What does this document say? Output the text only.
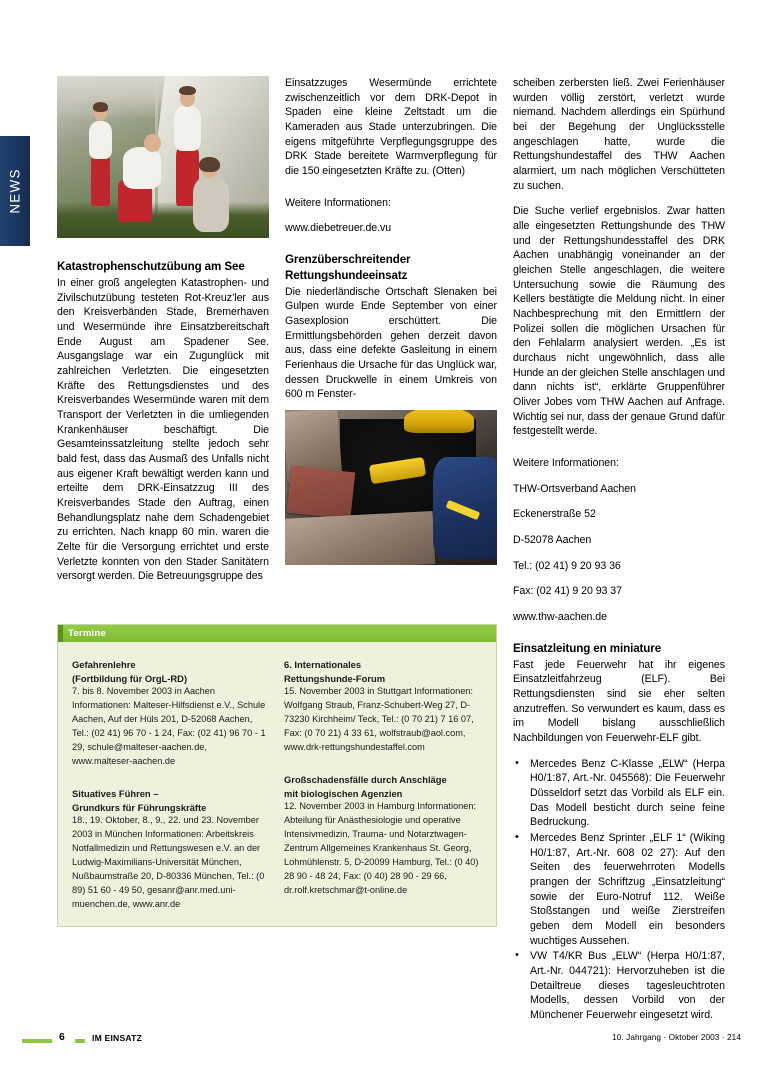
NEWS
Katastrophenschutzübung am See

In einer groß angelegten Katastrophen- und Zivilschutzübung testeten Rot-Kreuz’ler aus den Kreisverbänden Stade, Bremerhaven und Wesermünde ihre Einsatzbereitschaft Ende August am Spadener See. Ausgangslage war ein Zugunglück mit zahlreichen Verletzten. Die eingesetzten Kräfte des Rettungsdienstes und des Kreisverbandes Wesermünde waren mit dem Transport der Verletzten in die umliegenden Krankenhäuser beschäftigt. Die Gesamteinssatzleitung stellte jedoch sehr bald fest, dass das Ausmaß des Unfalls nicht aus eigener Kraft bewältigt werden kann und erteilte dem DRK-Einsatzzug III des Kreisverbandes Stade den Auftrag, einen Behandlungsplatz nahe dem Schadengebiet zu errichten. Nach knapp 60 min. waren die Zelte für die Versorgung errichtet und erste Verletzte konnten von den Stader Sanitätern versorgt werden. Die Betreuungsgruppe des

Einsatzzuges Wesermünde errichtete zwischenzeitlich vor dem DRK-Depot in Spaden eine kleine Zeltstadt um die Kameraden aus Stade unterzubringen. Die eigens mitgeführte Verpflegungsgruppe des DRK Stade bereitete Warmverpflegung für die 150 eingesetzten Kräfte zu. (Otten)

Weitere Informationen:

www.diebetreuer.de.vu

Grenzüberschreitender
Rettungshundeeinsatz

Die niederländische Ortschaft Slenaken bei Gulpen wurde Ende September von einer Gasexplosion erschüttert. Die Ermittlungsbehörden gehen derzeit davon aus, dass eine defekte Gasleitung in einem Ferienhaus die Ursache für das Unglück war, dessen Druckwelle in einem Umkreis von 600 m Fenster-

scheiben zerbersten ließ. Zwei Ferienhäuser wurden völlig zerstört, verletzt wurde niemand. Nachdem allerdings ein Spürhund bei der Begehung der Unglücksstelle angeschlagen hatte, wurde die Rettungshundestaffel des THW Aachen alarmiert, um nach möglichen Verschütteten zu suchen.

Die Suche verlief ergebnislos. Zwar hatten alle eingesetzten Rettungshunde des THW und der Rettungshundesstaffel des DRK Aachen unabhängig voneinander an der gleichen Stelle angeschlagen, die weitere Untersuchung sowie die Räumung des Kellers bestätigte die Meldung nicht. In einer Nachbesprechung mit den Ermittlern der Polizei sollen die möglichen Ursachen für den Fehlalarm analysiert werden. „Es ist durchaus nicht ungewöhnlich, dass alle Hunde an der gleichen Stelle anschlagen und dann nichts ist“, erklärte Gruppenführer Oliver Jobes vom THW Aachen auf Anfrage. Wichtig sei nur, dass der genaue Grund dafür festgestellt werde.

Weitere Informationen:

THW-Ortsverband Aachen

Eckenerstraße 52

D-52078 Aachen

Tel.: (02 41) 9 20 93 36

Fax: (02 41) 9 20 93 37

www.thw-aachen.de

Einsatzleitung en miniature

Fast jede Feuerwehr hat ihr eigenes Einsatzleitfahrzeug (ELF). Bei Rettungsdiensten sind sie eher selten anzutreffen. So verwundert es kaum, dass es im Modell bislang ausschließlich Nachbildungen von Feuerwehr-ELF gibt.

• Mercedes Benz C-Klasse „ELW“ (Herpa H0/1:87, Art.-Nr. 045568): Die Feuerwehr Düsseldorf setzt das Vorbild als ELF ein. Das Modell besticht durch seine feine Bedruckung.
• Mercedes Benz Sprinter „ELF 1“ (Wiking H0/1:87, Art.-Nr. 608 02 27): Auf den Seiten des feuerwehrroten Modells prangen der Schriftzug „Einsatzleitung“ sowie der Euro-Notruf 112. Weiße Stoßstangen und weiße Zierstreifen geben dem Modell ein besonders wuchtiges Aussehen.
• VW T4/KR Bus „ELW“ (Herpa H0/1:87, Art.-Nr. 044721): Hervorzuheben ist die Detailtreue dieses tagesleuchtroten Modells, dessen Vorbild von der Münchener Feuerwehr eingesetzt wird.
Termine
Gefahrenlehre
(Fortbildung für OrgL-RD)
7. bis 8. November 2003 in Aachen Informationen: Malteser-Hilfsdienst e.V., Schule Aachen, Auf der Hüls 201, D-52068 Aachen, Tel.: (02 41) 96 70 - 1 24, Fax: (02 41) 96 70 - 1 29, schule@malteser-aachen.de, www.malteser-aachen.de
Situatives Führen –
Grundkurs für Führungskräfte
18., 19. Oktober, 8., 9., 22. und 23. November 2003 in München Informationen: Arbeitskreis Notfallmedizin und Rettungswesen e.V. an der Ludwig-Maximilians-Universität München, Nußbaumstraße 20, D-80336 München, Tel.: (0 89) 51 60 - 49 50, gesanr@anr.med.uni-muenchen.de, www.anr.de
6. Internationales
Rettungshunde-Forum
15. November 2003 in Stuttgart Informationen: Wolfgang Straub, Franz-Schubert-Weg 27, D-73230 Kirchheim/ Teck, Tel.: (0 70 21) 7 16 07, Fax: (0 70 21) 4 33 61, wolfstraub@aol.com, www.drk-rettungshundestaffel.com
Großschadensfälle durch Anschläge
mit biologischen Agenzien
12. November 2003 in Hamburg Informationen: Abteilung für Anästhesiologie und operative Intensivmedizin, Trauma- und Notarztwagen-Zentrum Allgemeines Krankenhaus St. Georg, Lohmühlenstr. 5, D-20099 Hamburg, Tel.: (0 40) 28 90 - 48 24, Fax: (0 40) 28 90 - 29 66, dr.rolf.kretschmar@t-online.de
6	IM EINSATZ	10. Jahrgang · Oktober 2003 · 214
